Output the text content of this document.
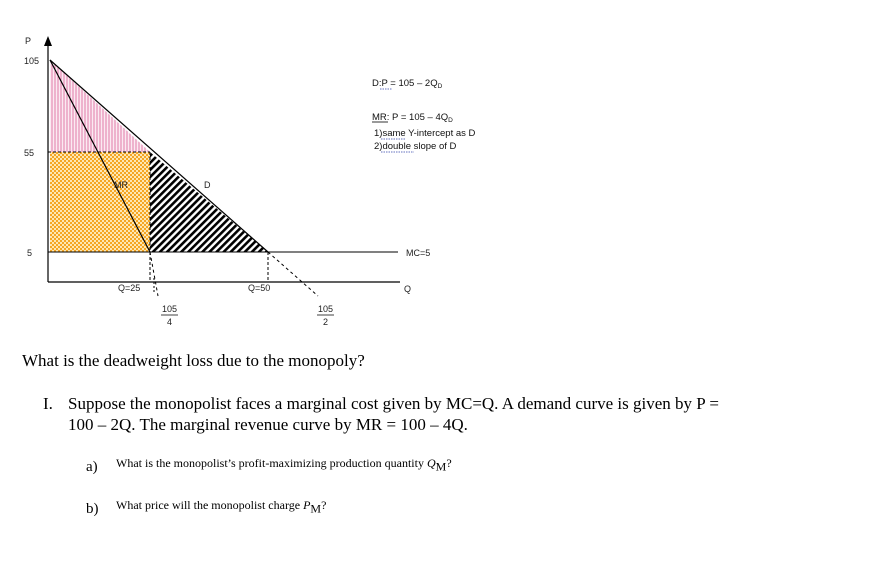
P
105
55
5
Q
MR	D
MC=5
Q=25	Q=50
105
4
105
2
D:P = $105 - 2Q_D$
MR: $P = 105 - 4Q_D$
1)same Y-intercept as D
2)double slope of D
What is the deadweight loss due to the monopoly?
I. Suppose the monopolist faces a marginal cost given by MC=Q. A demand curve is given by P =
100 – 2Q. The marginal revenue curve by MR = 100 – 4Q.
a) What is the monopolist’s profit-maximizing production quantity $Q_M$?
b) What price will the monopolist charge $P_M$?
